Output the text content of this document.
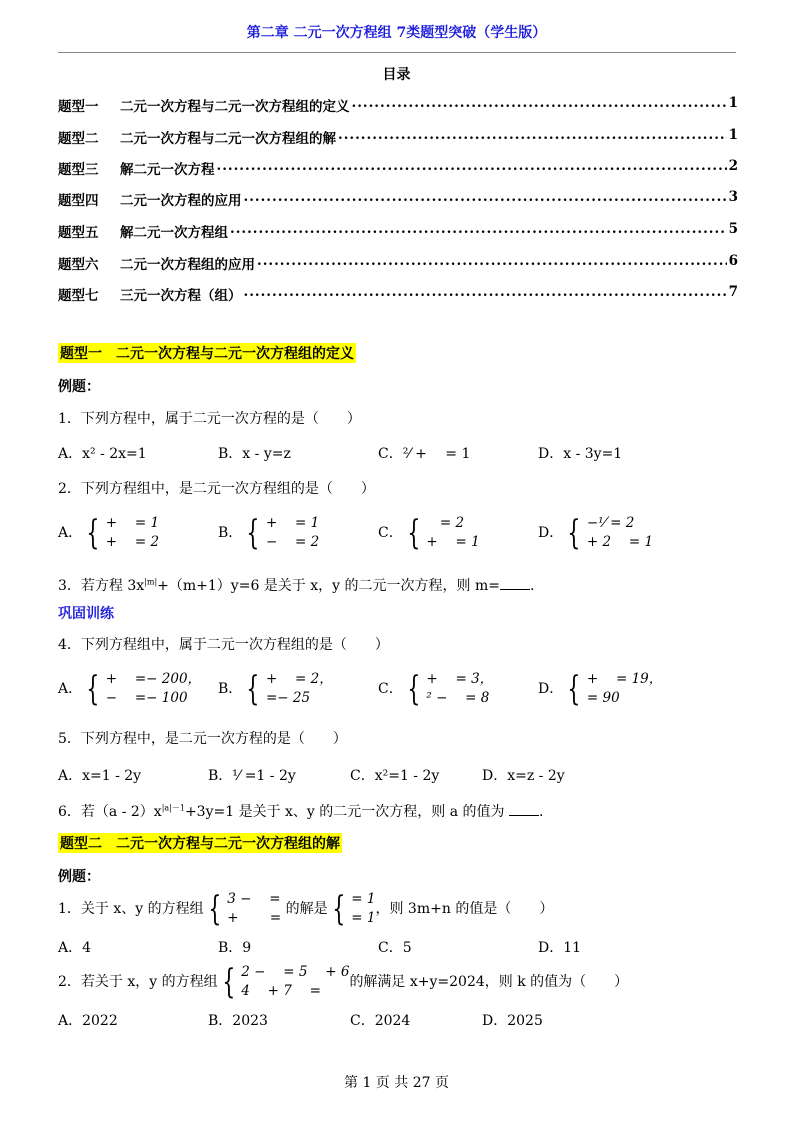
第二章 二元一次方程组 7类题型突破（学生版）
目录
题型一	二元一次方程与二元一次方程组的定义 .....	1
题型二	二元一次方程与二元一次方程组的解 .....	1
题型三	解二元一次方程 .....	2
题型四	二元一次方程的应用 .....	3
题型五	解二元一次方程组 .....	5
题型六	二元一次方程组的应用 .....	6
题型七	三元一次方程（组） .....	7
题型一 二元一次方程与二元一次方程组的定义
例题：
1．下列方程中，属于二元一次方程的是（　　）
A．x² - 2x=1	B．x - y=z	C．²⁄ + 　= 1	D．x - 3y=1
2．下列方程组中，是二元一次方程组的是（　　）
A． { + 　= 1
+ 　= 2
B． { + 　= 1
− 　= 2
C． { 　= 2
+ 　= 1
D． { −¹⁄ = 2
+ 2 　= 1
3．若方程 $3x^{|m|}+(m+1)y=6$ 是关于 x，y 的二元一次方程，则 m= .
巩固训练
4．下列方程组中，属于二元一次方程组的是（　　）
A． { + 　=− 200，
− 　=− 100
B． { + 　= 2，
=− 25
C． { + 　= 3，
² − 　= 8
D． { + 　= 19，
= 90
5．下列方程中，是二元一次方程的是（　　）
A．x=1 - 2y	B．¹⁄ =1 - 2y	C．x²=1 - 2y	D．x=z - 2y
6．若$(a - 2)x^{|a|-1}+3y=1$ 是关于 x、y 的二元一次方程，则 a 的值为 .
题型二 二元一次方程与二元一次方程组的解
例题：
1．关于 x、y 的方程组 { 3 − 　=
+ 　　=
的解是 { = 1
= 1
，则 3m+n 的值是（　　）
A．4	B．9	C．5	D．11
2．若关于 x，y 的方程组 { 2 − 　= 5 　+ 6
4 　+ 7 　=
的解满足 x+y=2024，则 k 的值为（　　）
A．2022	B．2023	C．2024	D．2025
第 1 页 共 27 页
